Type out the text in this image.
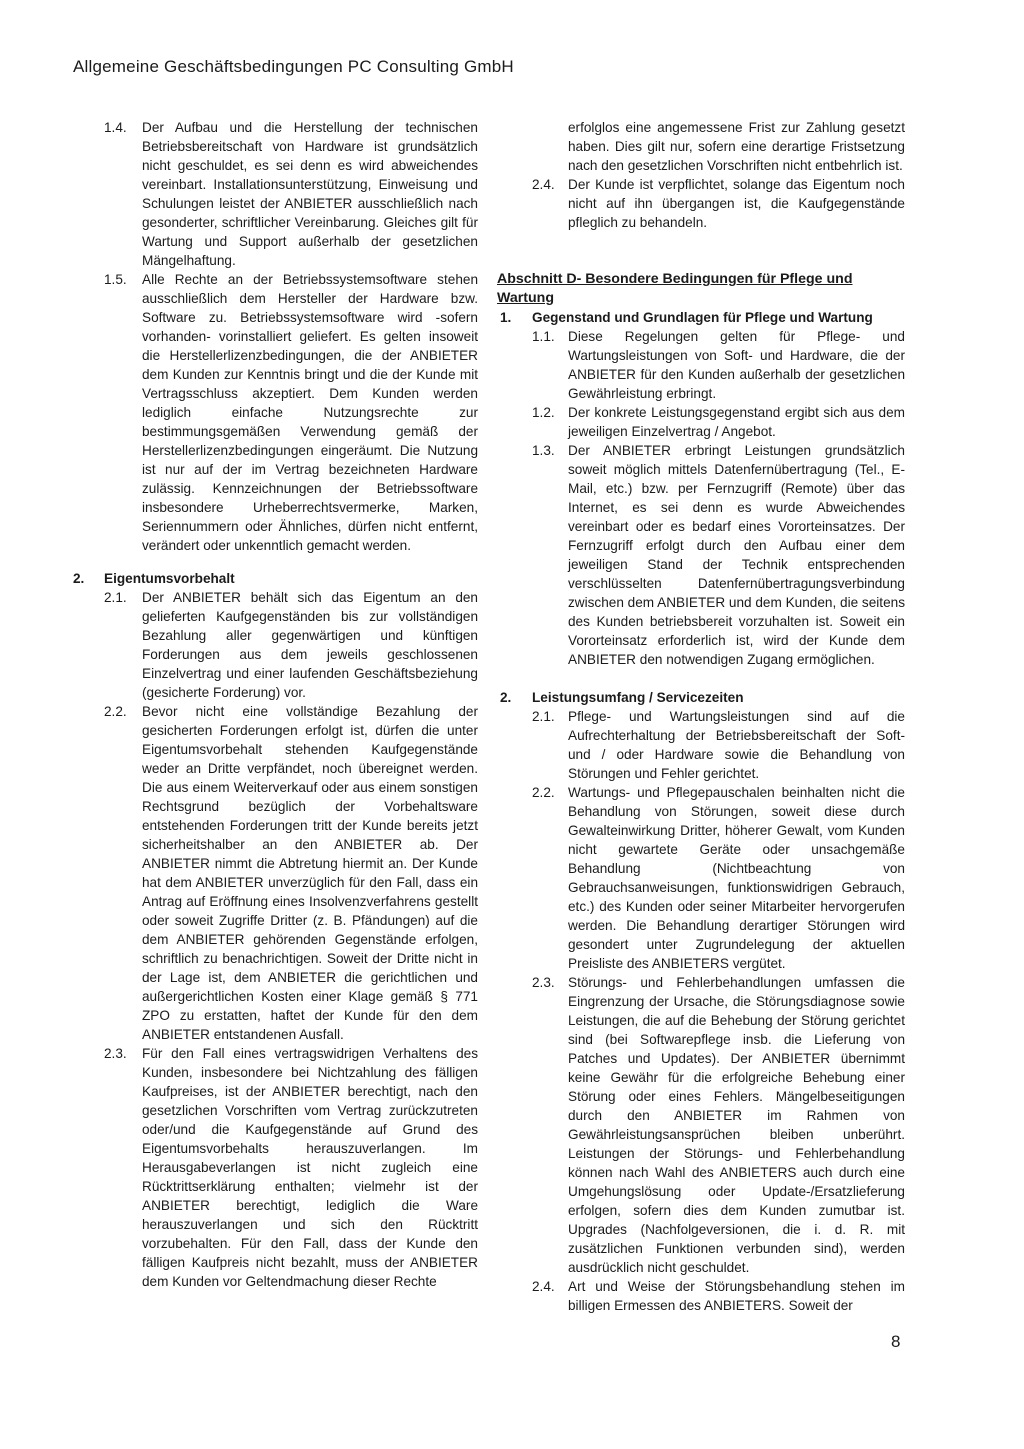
Allgemeine Geschäftsbedingungen PC Consulting GmbH
1.4.	Der Aufbau und die Herstellung der technischen Betriebsbereitschaft von Hardware ist grundsätzlich nicht geschuldet, es sei denn es wird abweichendes vereinbart. Installationsunterstützung, Einweisung und Schulungen leistet der ANBIETER ausschließlich nach gesonderter, schriftlicher Vereinbarung. Gleiches gilt für Wartung und Support außerhalb der gesetzlichen Mängelhaftung.
1.5.	Alle Rechte an der Betriebssystemsoftware stehen ausschließlich dem Hersteller der Hardware bzw. Software zu. Betriebssystemsoftware wird -sofern vorhanden- vorinstalliert geliefert. Es gelten insoweit die Herstellerlizenzbedingungen, die der ANBIETER dem Kunden zur Kenntnis bringt und die der Kunde mit Vertragsschluss akzeptiert. Dem Kunden werden lediglich einfache Nutzungsrechte zur bestimmungsgemäßen Verwendung gemäß der Herstellerlizenzbedingungen eingeräumt. Die Nutzung ist nur auf der im Vertrag bezeichneten Hardware zulässig. Kennzeichnungen der Betriebssoftware insbesondere Urheberrechtsvermerke, Marken, Seriennummern oder Ähnliches, dürfen nicht entfernt, verändert oder unkenntlich gemacht werden.
2.	Eigentumsvorbehalt
2.1.	Der ANBIETER behält sich das Eigentum an den gelieferten Kaufgegenständen bis zur vollständigen Bezahlung aller gegenwärtigen und künftigen Forderungen aus dem jeweils geschlossenen Einzelvertrag und einer laufenden Geschäftsbeziehung (gesicherte Forderung) vor.
2.2.	Bevor nicht eine vollständige Bezahlung der gesicherten Forderungen erfolgt ist, dürfen die unter Eigentumsvorbehalt stehenden Kaufgegenstände weder an Dritte verpfändet, noch übereignet werden. Die aus einem Weiterverkauf oder aus einem sonstigen Rechtsgrund bezüglich der Vorbehaltsware entstehenden Forderungen tritt der Kunde bereits jetzt sicherheitshalber an den ANBIETER ab. Der ANBIETER nimmt die Abtretung hiermit an. Der Kunde hat dem ANBIETER unverzüglich für den Fall, dass ein Antrag auf Eröffnung eines Insolvenzverfahrens gestellt oder soweit Zugriffe Dritter (z. B. Pfändungen) auf die dem ANBIETER gehörenden Gegenstände erfolgen, schriftlich zu benachrichtigen. Soweit der Dritte nicht in der Lage ist, dem ANBIETER die gerichtlichen und außergerichtlichen Kosten einer Klage gemäß § 771 ZPO zu erstatten, haftet der Kunde für den dem ANBIETER entstandenen Ausfall.
2.3.	Für den Fall eines vertragswidrigen Verhaltens des Kunden, insbesondere bei Nichtzahlung des fälligen Kaufpreises, ist der ANBIETER berechtigt, nach den gesetzlichen Vorschriften vom Vertrag zurückzutreten oder/und die Kaufgegenstände auf Grund des Eigentumsvorbehalts herauszuverlangen. Im Herausgabeverlangen ist nicht zugleich eine Rücktrittserklärung enthalten; vielmehr ist der ANBIETER berechtigt, lediglich die Ware herauszuverlangen und sich den Rücktritt vorzubehalten. Für den Fall, dass der Kunde den fälligen Kaufpreis nicht bezahlt, muss der ANBIETER dem Kunden vor Geltendmachung dieser Rechte
erfolglos eine angemessene Frist zur Zahlung gesetzt haben. Dies gilt nur, sofern eine derartige Fristsetzung nach den gesetzlichen Vorschriften nicht entbehrlich ist.
2.4. Der Kunde ist verpflichtet, solange das Eigentum noch nicht auf ihn übergangen ist, die Kaufgegenstände pfleglich zu behandeln.
Abschnitt D- Besondere Bedingungen für Pflege und Wartung
1.	Gegenstand und Grundlagen für Pflege und Wartung
1.1. Diese Regelungen gelten für Pflege- und Wartungsleistungen von Soft- und Hardware, die der ANBIETER für den Kunden außerhalb der gesetzlichen Gewährleistung erbringt.
1.2. Der konkrete Leistungsgegenstand ergibt sich aus dem jeweiligen Einzelvertrag / Angebot.
1.3. Der ANBIETER erbringt Leistungen grundsätzlich soweit möglich mittels Datenfernübertragung (Tel., E-Mail, etc.) bzw. per Fernzugriff (Remote) über das Internet, es sei denn es wurde Abweichendes vereinbart oder es bedarf eines Vororteinsatzes. Der Fernzugriff erfolgt durch den Aufbau einer dem jeweiligen Stand der Technik entsprechenden verschlüsselten Datenfernübertragungsverbindung zwischen dem ANBIETER und dem Kunden, die seitens des Kunden betriebsbereit vorzuhalten ist. Soweit ein Vororteinsatz erforderlich ist, wird der Kunde dem ANBIETER den notwendigen Zugang ermöglichen.
2.	Leistungsumfang / Servicezeiten
2.1. Pflege- und Wartungsleistungen sind auf die Aufrechterhaltung der Betriebsbereitschaft der Soft- und / oder Hardware sowie die Behandlung von Störungen und Fehler gerichtet.
2.2. Wartungs- und Pflegepauschalen beinhalten nicht die Behandlung von Störungen, soweit diese durch Gewalteinwirkung Dritter, höherer Gewalt, vom Kunden nicht gewartete Geräte oder unsachgemäße Behandlung (Nichtbeachtung von Gebrauchsanweisungen, funktionswidrigen Gebrauch, etc.) des Kunden oder seiner Mitarbeiter hervorgerufen werden. Die Behandlung derartiger Störungen wird gesondert unter Zugrundelegung der aktuellen Preisliste des ANBIETERS vergütet.
2.3. Störungs- und Fehlerbehandlungen umfassen die Eingrenzung der Ursache, die Störungsdiagnose sowie Leistungen, die auf die Behebung der Störung gerichtet sind (bei Softwarepflege insb. die Lieferung von Patches und Updates). Der ANBIETER übernimmt keine Gewähr für die erfolgreiche Behebung einer Störung oder eines Fehlers. Mängelbeseitigungen durch den ANBIETER im Rahmen von Gewährleistungsansprüchen bleiben unberührt. Leistungen der Störungs- und Fehlerbehandlung können nach Wahl des ANBIETERS auch durch eine Umgehungslösung oder Update-/Ersatzlieferung erfolgen, sofern dies dem Kunden zumutbar ist. Upgrades (Nachfolgeversionen, die i. d. R. mit zusätzlichen Funktionen verbunden sind), werden ausdrücklich nicht geschuldet.
2.4. Art und Weise der Störungsbehandlung stehen im billigen Ermessen des ANBIETERS. Soweit der
8
